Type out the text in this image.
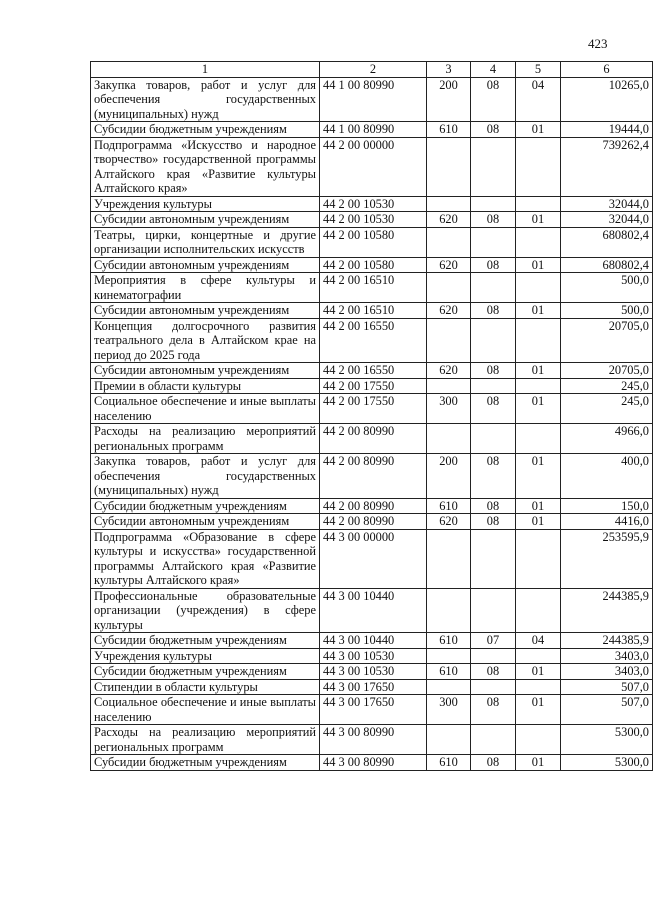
423
1	2	3	4	5	6
Закупка товаров, работ и услуг для обеспечения государственных (муниципальных) нужд	44 1 00 80990	200	08	04	10265,0
Субсидии бюджетным учреждениям	44 1 00 80990	610	08	01	19444,0
Подпрограмма «Искусство и народное творчество» государственной программы Алтайского края «Развитие культуры Алтайского края»	44 2 00 00000				739262,4
Учреждения культуры	44 2 00 10530				32044,0
Субсидии автономным учреждениям	44 2 00 10530	620	08	01	32044,0
Театры, цирки, концертные и другие организации исполнительских искусств	44 2 00 10580				680802,4
Субсидии автономным учреждениям	44 2 00 10580	620	08	01	680802,4
Мероприятия в сфере культуры и кинематографии	44 2 00 16510				500,0
Субсидии автономным учреждениям	44 2 00 16510	620	08	01	500,0
Концепция долгосрочного развития театрального дела в Алтайском крае на период до 2025 года	44 2 00 16550				20705,0
Субсидии автономным учреждениям	44 2 00 16550	620	08	01	20705,0
Премии в области культуры	44 2 00 17550				245,0
Социальное обеспечение и иные выплаты населению	44 2 00 17550	300	08	01	245,0
Расходы на реализацию мероприятий региональных программ	44 2 00 80990				4966,0
Закупка товаров, работ и услуг для обеспечения государственных (муниципальных) нужд	44 2 00 80990	200	08	01	400,0
Субсидии бюджетным учреждениям	44 2 00 80990	610	08	01	150,0
Субсидии автономным учреждениям	44 2 00 80990	620	08	01	4416,0
Подпрограмма «Образование в сфере культуры и искусства» государственной программы Алтайского края «Развитие культуры Алтайского края»	44 3 00 00000				253595,9
Профессиональные образовательные организации (учреждения) в сфере культуры	44 3 00 10440				244385,9
Субсидии бюджетным учреждениям	44 3 00 10440	610	07	04	244385,9
Учреждения культуры	44 3 00 10530				3403,0
Субсидии бюджетным учреждениям	44 3 00 10530	610	08	01	3403,0
Стипендии в области культуры	44 3 00 17650				507,0
Социальное обеспечение и иные выплаты населению	44 3 00 17650	300	08	01	507,0
Расходы на реализацию мероприятий региональных программ	44 3 00 80990				5300,0
Субсидии бюджетным учреждениям	44 3 00 80990	610	08	01	5300,0
